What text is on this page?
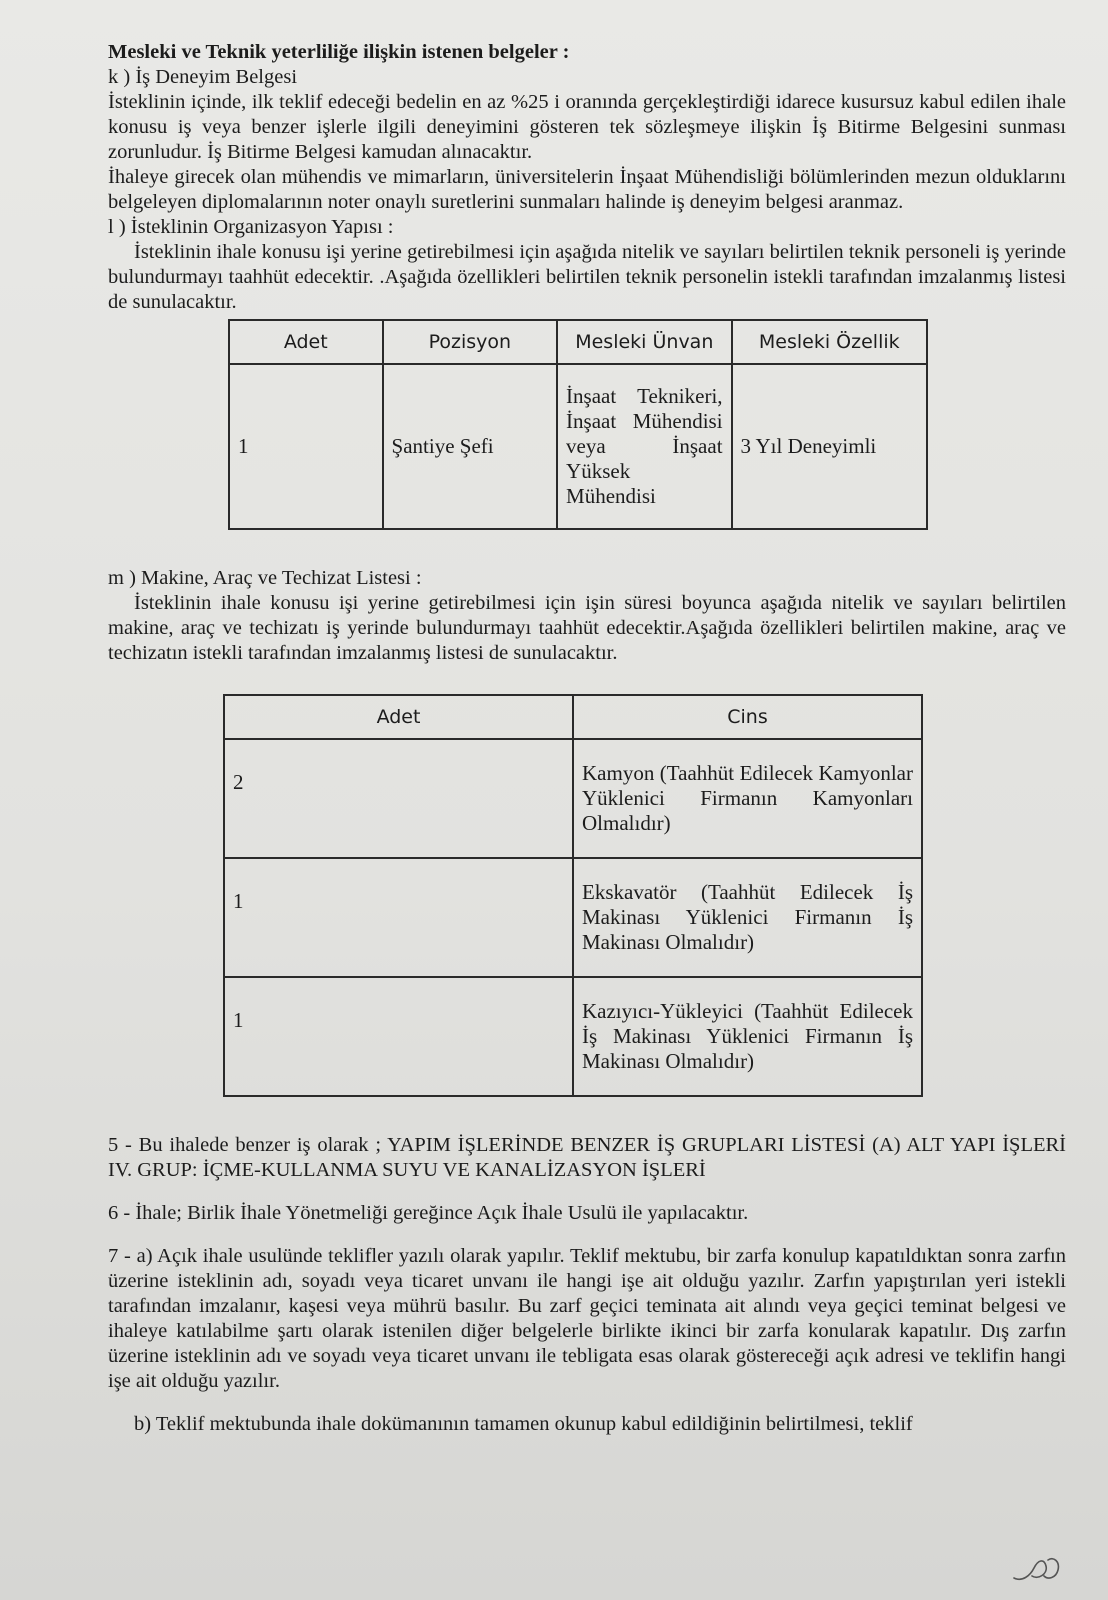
Mesleki ve Teknik yeterliliğe ilişkin istenen belgeler :

k ) İş Deneyim Belgesi

İsteklinin içinde, ilk teklif edeceği bedelin en az %25 i oranında gerçekleştirdiği idarece kusursuz kabul edilen ihale konusu iş veya benzer işlerle ilgili deneyimini gösteren tek sözleşmeye ilişkin İş Bitirme Belgesini sunması zorunludur. İş Bitirme Belgesi kamudan alınacaktır.

İhaleye girecek olan mühendis ve mimarların, üniversitelerin İnşaat Mühendisliği bölümlerinden mezun olduklarını belgeleyen diplomalarının noter onaylı suretlerini sunmaları halinde iş deneyim belgesi aranmaz.

l ) İsteklinin Organizasyon Yapısı :

İsteklinin ihale konusu işi yerine getirebilmesi için aşağıda nitelik ve sayıları belirtilen teknik personeli iş yerinde bulundurmayı taahhüt edecektir. .Aşağıda özellikleri belirtilen teknik personelin istekli tarafından imzalanmış listesi de sunulacaktır.

Adet	Pozisyon	Mesleki Ünvan	Mesleki Özellik
1	Şantiye Şefi	İnşaat Teknikeri, İnşaat Mühendisi veya İnşaat Yüksek Mühendisi	3 Yıl Deneyimli

m ) Makine, Araç ve Techizat Listesi :

İsteklinin ihale konusu işi yerine getirebilmesi için işin süresi boyunca aşağıda nitelik ve sayıları belirtilen makine, araç ve techizatı iş yerinde bulundurmayı taahhüt edecektir.Aşağıda özellikleri belirtilen makine, araç ve techizatın istekli tarafından imzalanmış listesi de sunulacaktır.

Adet	Cins
2	Kamyon (Taahhüt Edilecek Kamyonlar Yüklenici Firmanın Kamyonları Olmalıdır)
1	Ekskavatör (Taahhüt Edilecek İş Makinası Yüklenici Firmanın İş Makinası Olmalıdır)
1	Kazıyıcı-Yükleyici (Taahhüt Edilecek İş Makinası Yüklenici Firmanın İş Makinası Olmalıdır)

5 - Bu ihalede benzer iş olarak ; YAPIM İŞLERİNDE BENZER İŞ GRUPLARI LİSTESİ (A) ALT YAPI İŞLERİ IV. GRUP: İÇME-KULLANMA SUYU VE KANALİZASYON İŞLERİ

6 - İhale; Birlik İhale Yönetmeliği gereğince Açık İhale Usulü ile yapılacaktır.

7 - a) Açık ihale usulünde teklifler yazılı olarak yapılır. Teklif mektubu, bir zarfa konulup kapatıldıktan sonra zarfın üzerine isteklinin adı, soyadı veya ticaret unvanı ile hangi işe ait olduğu yazılır. Zarfın yapıştırılan yeri istekli tarafından imzalanır, kaşesi veya mührü basılır. Bu zarf geçici teminata ait alındı veya geçici teminat belgesi ve ihaleye katılabilme şartı olarak istenilen diğer belgelerle birlikte ikinci bir zarfa konularak kapatılır. Dış zarfın üzerine isteklinin adı ve soyadı veya ticaret unvanı ile tebligata esas olarak göstereceği açık adresi ve teklifin hangi işe ait olduğu yazılır.

b) Teklif mektubunda ihale dokümanının tamamen okunup kabul edildiğinin belirtilmesi, teklif
